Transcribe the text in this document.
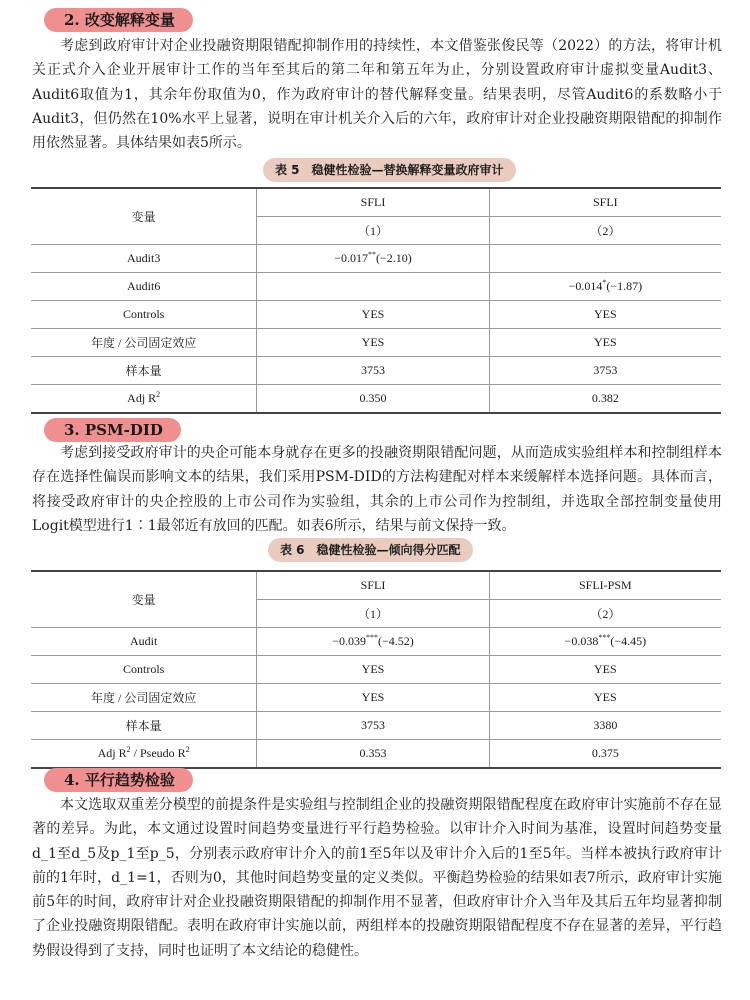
2. 改变解释变量

考虑到政府审计对企业投融资期限错配抑制作用的持续性，本文借鉴张俊民等（2022）的方法，将审计机关正式介入企业开展审计工作的当年至其后的第二年和第五年为止，分别设置政府审计虚拟变量Audit3、Audit6取值为1，其余年份取值为0，作为政府审计的替代解释变量。结果表明，尽管Audit6的系数略小于Audit3，但仍然在10%水平上显著，说明在审计机关介入后的六年，政府审计对企业投融资期限错配的抑制作用依然显著。具体结果如表5所示。

表 5　稳健性检验—替换解释变量政府审计
变量	SFLI	SFLI
	（1）	（2）
Audit3	−0.017**(−2.10)	
Audit6		−0.014*(−1.87)
Controls	YES	YES
年度 / 公司固定效应	YES	YES
样本量	3753	3753
Adj $R^2$	0.350	0.382
3. PSM-DID

考虑到接受政府审计的央企可能本身就存在更多的投融资期限错配问题，从而造成实验组样本和控制组样本存在选择性偏误而影响文本的结果，我们采用PSM-DID的方法构建配对样本来缓解样本选择问题。具体而言，将接受政府审计的央企控股的上市公司作为实验组，其余的上市公司作为控制组，并选取全部控制变量使用Logit模型进行1∶1最邻近有放回的匹配。如表6所示，结果与前文保持一致。

表 6　稳健性检验—倾向得分匹配
变量	SFLI	SFLI-PSM
	（1）	（2）
Audit	−0.039***(−4.52)	−0.038***(−4.45)
Controls	YES	YES
年度 / 公司固定效应	YES	YES
样本量	3753	3380
Adj $R^2$ / Pseudo $R^2$	0.353	0.375
4. 平行趋势检验

本文选取双重差分模型的前提条件是实验组与控制组企业的投融资期限错配程度在政府审计实施前不存在显著的差异。为此，本文通过设置时间趋势变量进行平行趋势检验。以审计介入时间为基准，设置时间趋势变量d_1至d_5及p_1至p_5，分别表示政府审计介入的前1至5年以及审计介入后的1至5年。当样本被执行政府审计前的1年时，d_1=1，否则为0，其他时间趋势变量的定义类似。平衡趋势检验的结果如表7所示，政府审计实施前5年的时间，政府审计对企业投融资期限错配的抑制作用不显著，但政府审计介入当年及其后五年均显著抑制了企业投融资期限错配。表明在政府审计实施以前，两组样本的投融资期限错配程度不存在显著的差异，平行趋势假设得到了支持，同时也证明了本文结论的稳健性。
